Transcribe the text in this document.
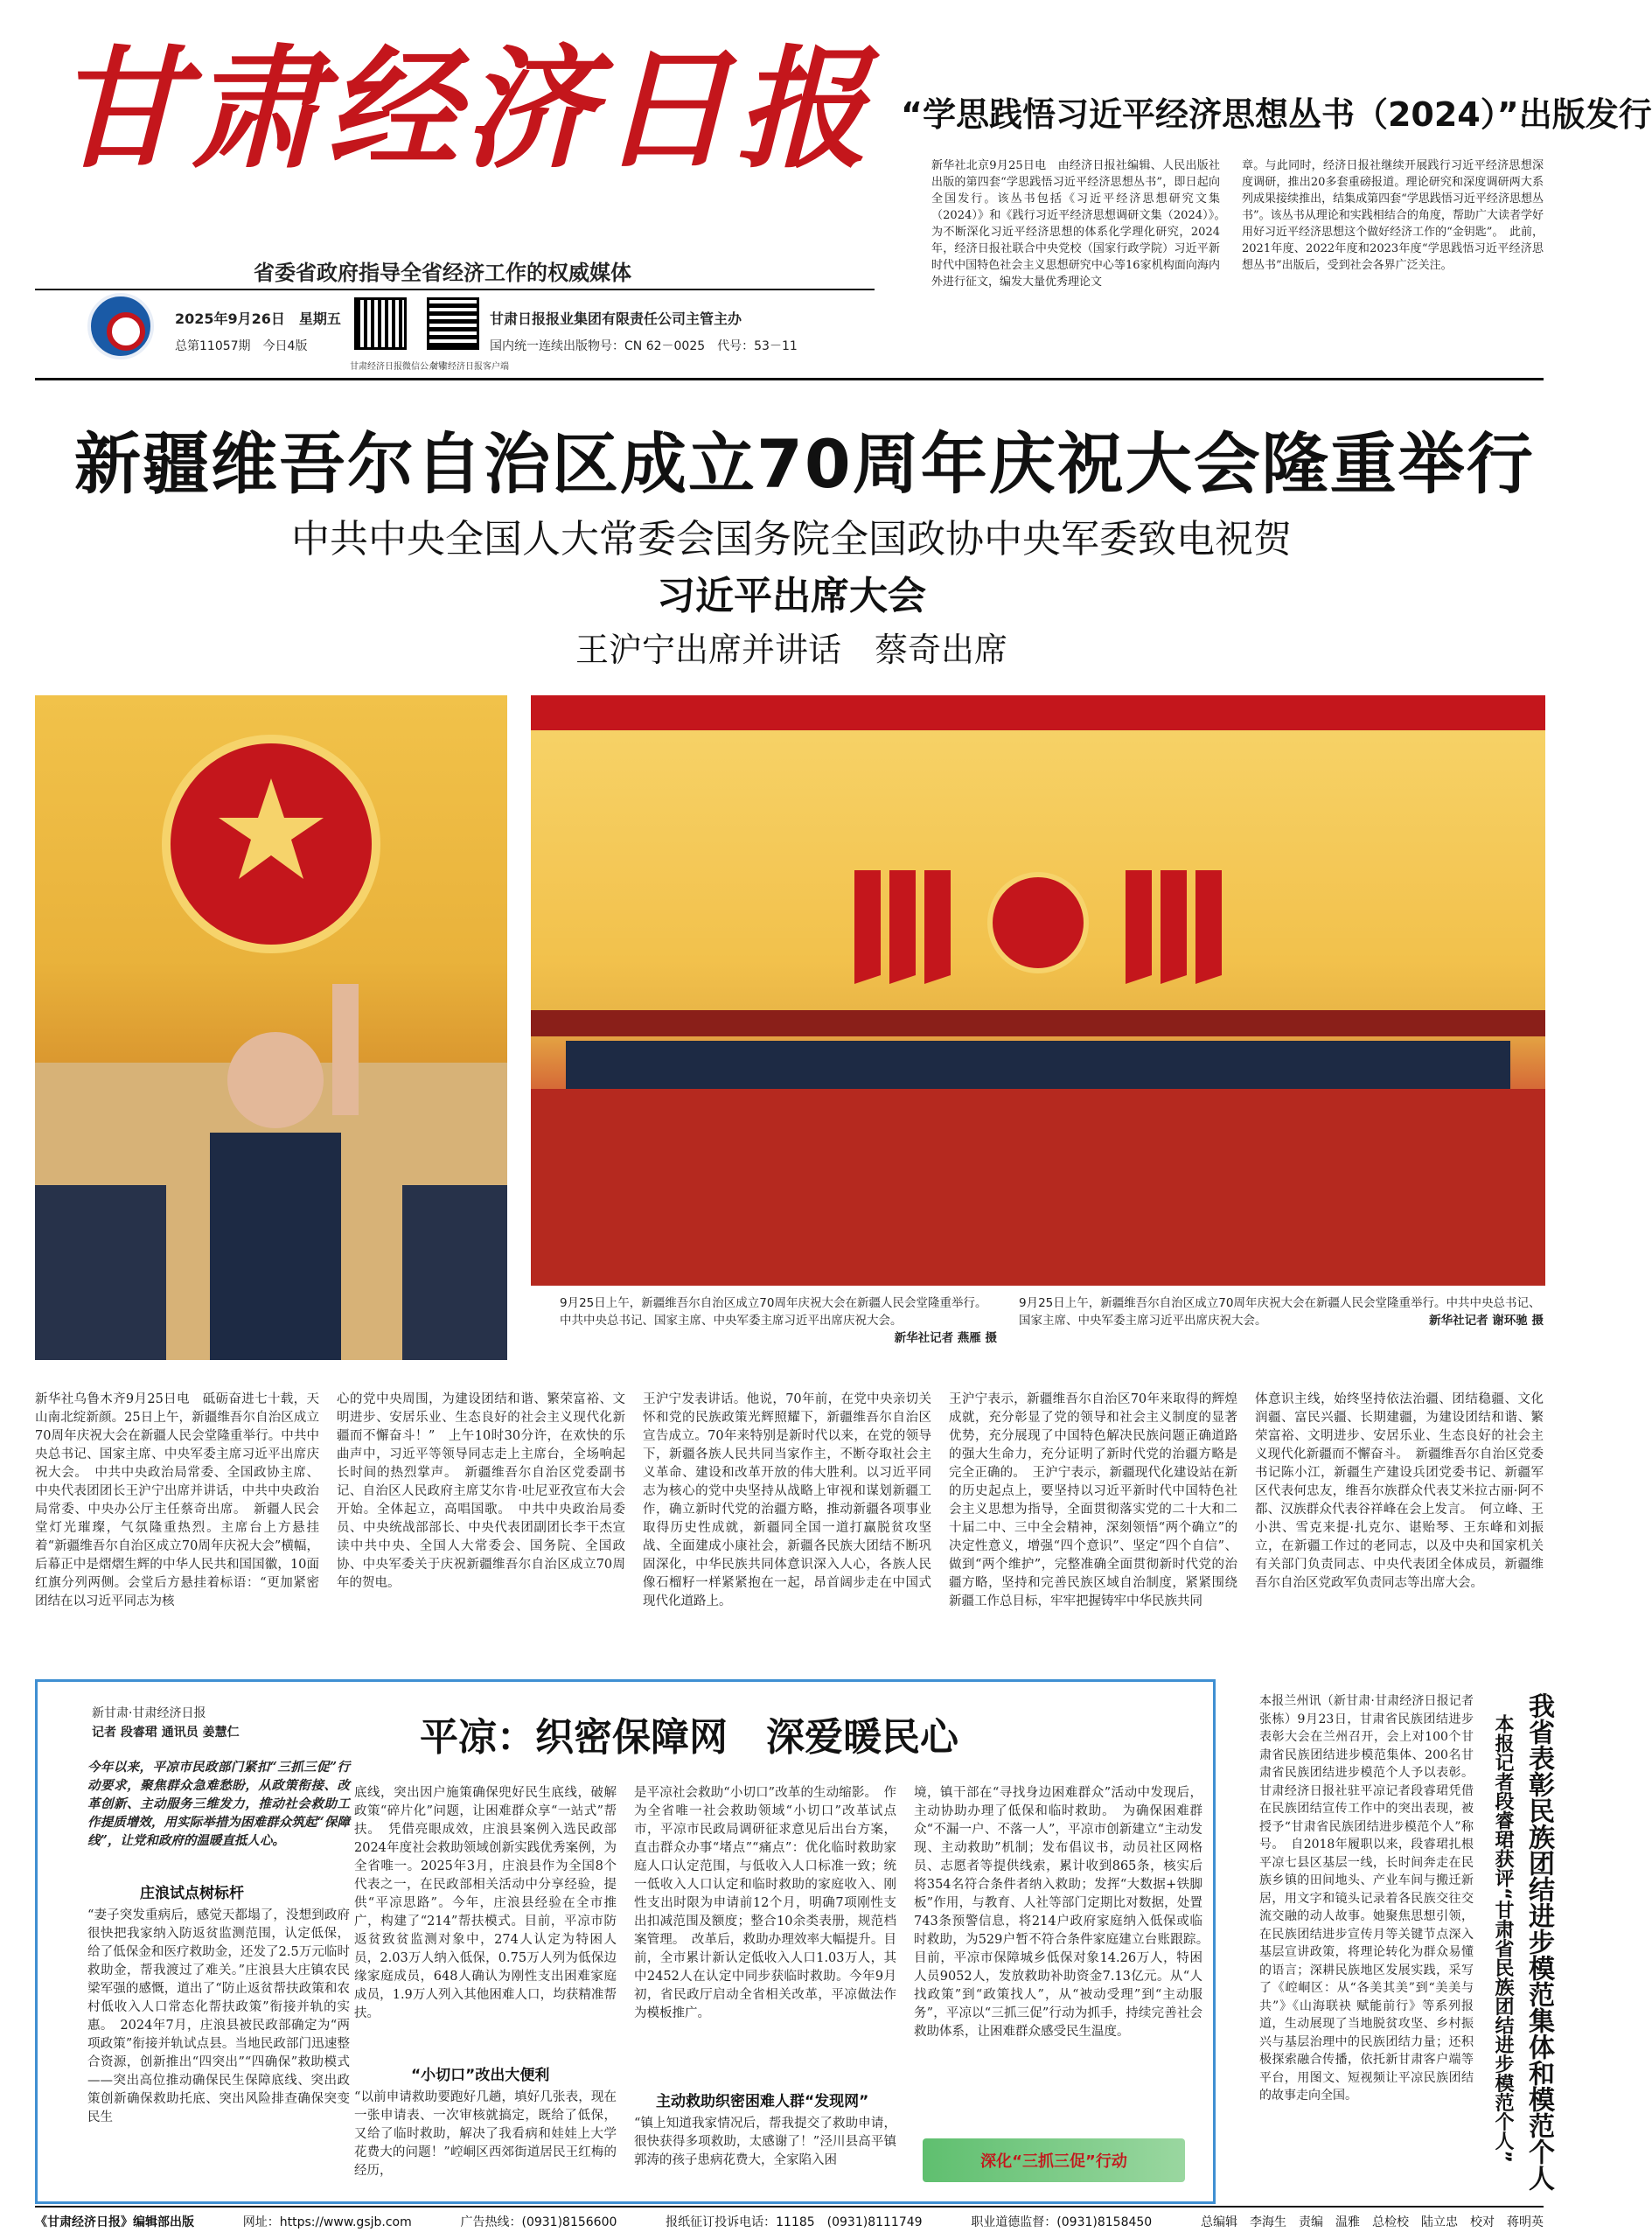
甘肃经济日报
省委省政府指导全省经济工作的权威媒体
2025年9月26日　星期五
总第11057期　今日4版
甘肃经济日报微信公众号
甘肃经济日报客户端
甘肃日报报业集团有限责任公司主管主办
国内统一连续出版物号：CN 62－0025　代号：53－11
“学思践悟习近平经济思想丛书（2024）”出版发行
新华社北京9月25日电　由经济日报社编辑、人民出版社出版的第四套“学思践悟习近平经济思想丛书”，即日起向全国发行。该丛书包括《习近平经济思想研究文集（2024）》和《践行习近平经济思想调研文集（2024）》。　为不断深化习近平经济思想的体系化学理化研究，2024年，经济日报社联合中央党校（国家行政学院）习近平新时代中国特色社会主义思想研究中心等16家机构面向海内外进行征文，编发大量优秀理论文
章。与此同时，经济日报社继续开展践行习近平经济思想深度调研，推出20多套重磅报道。理论研究和深度调研两大系列成果接续推出，结集成第四套“学思践悟习近平经济思想丛书”。该丛书从理论和实践相结合的角度，帮助广大读者学好用好习近平经济思想这个做好经济工作的“金钥匙”。　此前，2021年度、2022年度和2023年度“学思践悟习近平经济思想丛书”出版后，受到社会各界广泛关注。
新疆维吾尔自治区成立70周年庆祝大会隆重举行
中共中央全国人大常委会国务院全国政协中央军委致电祝贺
习近平出席大会
王沪宁出席并讲话　蔡奇出席
9月25日上午，新疆维吾尔自治区成立70周年庆祝大会在新疆人民会堂隆重举行。中共中央总书记、国家主席、中央军委主席习近平出席庆祝大会。
新华社记者 燕雁 摄
9月25日上午，新疆维吾尔自治区成立70周年庆祝大会在新疆人民会堂隆重举行。中共中央总书记、国家主席、中央军委主席习近平出席庆祝大会。	新华社记者 谢环驰 摄
新华社乌鲁木齐9月25日电　砥砺奋进七十载，天山南北绽新颜。25日上午，新疆维吾尔自治区成立70周年庆祝大会在新疆人民会堂隆重举行。中共中央总书记、国家主席、中央军委主席习近平出席庆祝大会。　中共中央政治局常委、全国政协主席、中央代表团团长王沪宁出席并讲话，中共中央政治局常委、中央办公厅主任蔡奇出席。　新疆人民会堂灯光璀璨，气氛隆重热烈。主席台上方悬挂着“新疆维吾尔自治区成立70周年庆祝大会”横幅，后幕正中是熠熠生辉的中华人民共和国国徽，10面红旗分列两侧。会堂后方悬挂着标语：“更加紧密团结在以习近平同志为核
心的党中央周围，为建设团结和谐、繁荣富裕、文明进步、安居乐业、生态良好的社会主义现代化新疆而不懈奋斗！”　上午10时30分许，在欢快的乐曲声中，习近平等领导同志走上主席台，全场响起长时间的热烈掌声。　新疆维吾尔自治区党委副书记、自治区人民政府主席艾尔肯·吐尼亚孜宣布大会开始。全体起立，高唱国歌。　中共中央政治局委员、中央统战部部长、中央代表团副团长李干杰宣读中共中央、全国人大常委会、国务院、全国政协、中央军委关于庆祝新疆维吾尔自治区成立70周年的贺电。
王沪宁发表讲话。他说，70年前，在党中央亲切关怀和党的民族政策光辉照耀下，新疆维吾尔自治区宣告成立。70年来特别是新时代以来，在党的领导下，新疆各族人民共同当家作主，不断夺取社会主义革命、建设和改革开放的伟大胜利。以习近平同志为核心的党中央坚持从战略上审视和谋划新疆工作，确立新时代党的治疆方略，推动新疆各项事业取得历史性成就，新疆同全国一道打赢脱贫攻坚战、全面建成小康社会，新疆各民族大团结不断巩固深化，中华民族共同体意识深入人心，各族人民像石榴籽一样紧紧抱在一起，昂首阔步走在中国式现代化道路上。
王沪宁表示，新疆维吾尔自治区70年来取得的辉煌成就，充分彰显了党的领导和社会主义制度的显著优势，充分展现了中国特色解决民族问题正确道路的强大生命力，充分证明了新时代党的治疆方略是完全正确的。　王沪宁表示，新疆现代化建设站在新的历史起点上，要坚持以习近平新时代中国特色社会主义思想为指导，全面贯彻落实党的二十大和二十届二中、三中全会精神，深刻领悟“两个确立”的决定性意义，增强“四个意识”、坚定“四个自信”、做到“两个维护”，完整准确全面贯彻新时代党的治疆方略，坚持和完善民族区域自治制度，紧紧围绕新疆工作总目标，牢牢把握铸牢中华民族共同
体意识主线，始终坚持依法治疆、团结稳疆、文化润疆、富民兴疆、长期建疆，为建设团结和谐、繁荣富裕、文明进步、安居乐业、生态良好的社会主义现代化新疆而不懈奋斗。　新疆维吾尔自治区党委书记陈小江，新疆生产建设兵团党委书记、新疆军区代表何忠友，维吾尔族群众代表艾米拉古丽·阿不都、汉族群众代表谷祥峰在会上发言。　何立峰、王小洪、雪克来提·扎克尔、谌贻琴、王东峰和刘振立，在新疆工作过的老同志，以及中央和国家机关有关部门负责同志、中央代表团全体成员，新疆维吾尔自治区党政军负责同志等出席大会。
新甘肃·甘肃经济日报
记者 段睿珺 通讯员 姜慧仁	平凉：织密保障网　深爱暖民心
今年以来，平凉市民政部门紧扣“三抓三促”行动要求，聚焦群众急难愁盼，从政策衔接、改革创新、主动服务三维发力，推动社会救助工作提质增效，用实际举措为困难群众筑起“保障线”，让党和政府的温暖直抵人心。
庄浪试点树标杆
“妻子突发重病后，感觉天都塌了，没想到政府很快把我家纳入防返贫监测范围，认定低保，给了低保金和医疗救助金，还发了2.5万元临时救助金，帮我渡过了难关。”庄浪县大庄镇农民梁军强的感慨，道出了“防止返贫帮扶政策和农村低收入人口常态化帮扶政策”衔接并轨的实惠。　2024年7月，庄浪县被民政部确定为“两项政策”衔接并轨试点县。当地民政部门迅速整合资源，创新推出“四突出”“四确保”救助模式——突出高位推动确保民生保障底线、突出政策创新确保救助托底、突出风险排查确保突变民生
底线，突出因户施策确保兜好民生底线，破解政策“碎片化”问题，让困难群众享“一站式”帮扶。　凭借亮眼成效，庄浪县案例入选民政部2024年度社会救助领域创新实践优秀案例，为全省唯一。2025年3月，庄浪县作为全国8个代表之一，在民政部相关活动中分享经验，提供“平凉思路”。今年，庄浪县经验在全市推广，构建了“214”帮扶模式。目前，平凉市防返贫致贫监测对象中，274人认定为特困人员，2.03万人纳入低保，0.75万人列为低保边缘家庭成员，648人确认为刚性支出困难家庭成员，1.9万人列入其他困难人口，均获精准帮扶。
“小切口”改出大便利
“以前申请救助要跑好几趟，填好几张表，现在一张申请表、一次审核就搞定，既给了低保，又给了临时救助，解决了我看病和娃娃上大学花费大的问题！”崆峒区西郊街道居民王红梅的经历，
是平凉社会救助“小切口”改革的生动缩影。　作为全省唯一社会救助领域“小切口”改革试点市，平凉市民政局调研征求意见后出台方案，直击群众办事“堵点”“痛点”：优化临时救助家庭人口认定范围，与低收入人口标准一致；统一低收入人口认定和临时救助的家庭收入、刚性支出时限为申请前12个月，明确7项刚性支出扣减范围及额度；整合10余类表册，规范档案管理。　改革后，救助办理效率大幅提升。目前，全市累计新认定低收入人口1.03万人，其中2452人在认定中同步获临时救助。今年9月初，省民政厅启动全省相关改革，平凉做法作为模板推广。
主动救助织密困难人群“发现网”
“镇上知道我家情况后，帮我提交了救助申请，很快获得多项救助，太感谢了！”泾川县高平镇郭涛的孩子患病花费大，全家陷入困
境，镇干部在“寻找身边困难群众”活动中发现后，主动协助办理了低保和临时救助。　为确保困难群众“不漏一户、不落一人”，平凉市创新建立“主动发现、主动救助”机制；发布倡议书，动员社区网格员、志愿者等提供线索，累计收到865条，核实后将354名符合条件者纳入救助；发挥“大数据+铁脚板”作用，与教育、人社等部门定期比对数据，处置743条预警信息，将214户政府家庭纳入低保或临时救助，为529户暂不符合条件家庭建立台账跟踪。　目前，平凉市保障城乡低保对象14.26万人，特困人员9052人，发放救助补助资金7.13亿元。从“人找政策”到“政策找人”，从“被动受理”到“主动服务”，平凉以“三抓三促”行动为抓手，持续完善社会救助体系，让困难群众感受民生温度。
深化“三抓三促”行动
本报兰州讯（新甘肃·甘肃经济日报记者张栋）9月23日，甘肃省民族团结进步表彰大会在兰州召开，会上对100个甘肃省民族团结进步模范集体、200名甘肃省民族团结进步模范个人予以表彰。甘肃经济日报社驻平凉记者段睿珺凭借在民族团结宣传工作中的突出表现，被授予“甘肃省民族团结进步模范个人”称号。　自2018年履职以来，段睿珺扎根平凉七县区基层一线，长时间奔走在民族乡镇的田间地头、产业车间与搬迁新居，用文字和镜头记录着各民族交往交流交融的动人故事。她聚焦思想引领，在民族团结进步宣传月等关键节点深入基层宣讲政策，将理论转化为群众易懂的语言；深耕民族地区发展实践，采写了《崆峒区：从“各美其美”到“美美与共”》《山海联袂 赋能前行》等系列报道，生动展现了当地脱贫攻坚、乡村振兴与基层治理中的民族团结力量；还积极探索融合传播，依托新甘肃客户端等平台，用图文、短视频让平凉民族团结的故事走向全国。	本报记者段睿珺获评“甘肃省民族团结进步模范个人” 我省表彰民族团结进步模范集体和模范个人
《甘肃经济日报》编辑部出版	网址：https://www.gsjb.com	广告热线：(0931)8156600	报纸征订投诉电话：11185　(0931)8111749	职业道德监督：(0931)8158450	总编辑　李海生　责编　温雅　总检校　陆立忠　校对　蒋明英
